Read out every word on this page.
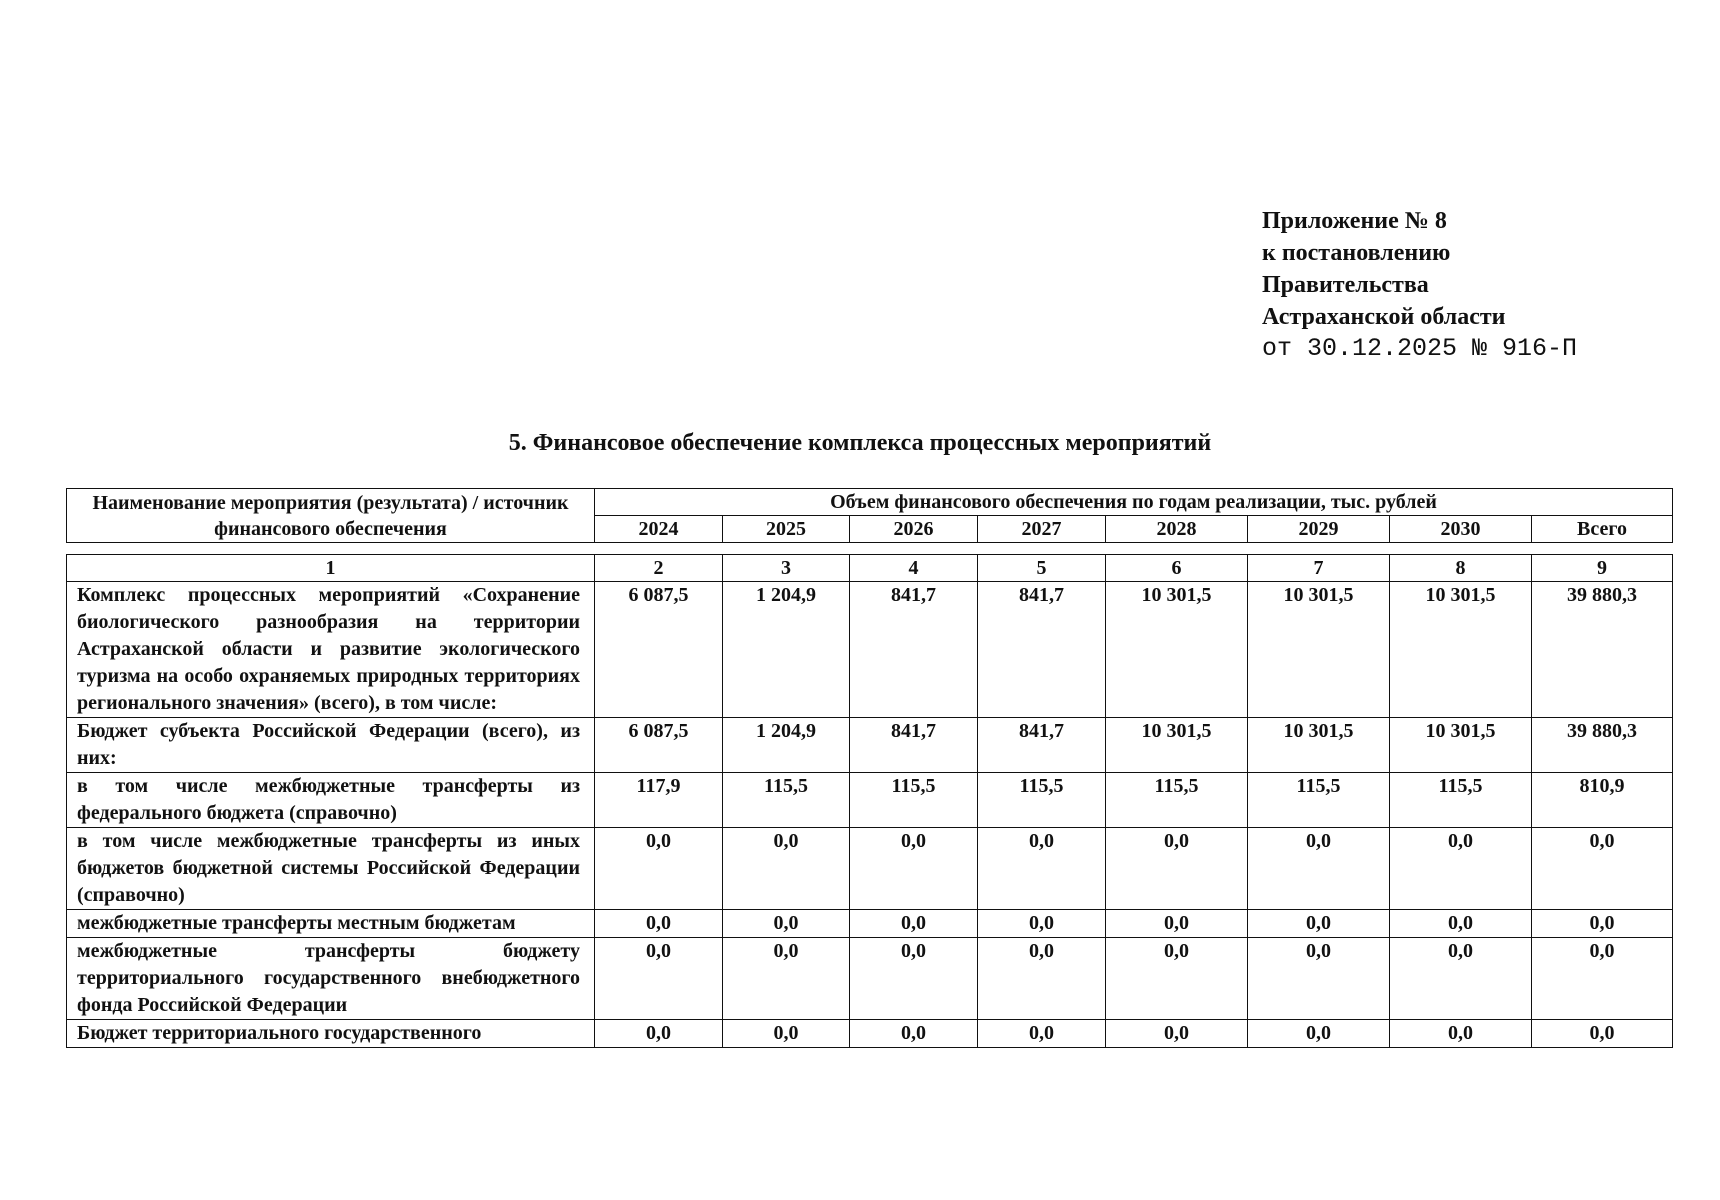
Приложение № 8
к постановлению
Правительства
Астраханской области
от 30.12.2025 № 916-П
5. Финансовое обеспечение комплекса процессных мероприятий
Наименование мероприятия (результата) / источник финансового обеспечения	Объем финансового обеспечения по годам реализации, тыс. рублей							
	2024	2025	2026	2027	2028	2029	2030	Всего
1	2	3	4	5	6	7	8	9
Комплекс процессных мероприятий «Сохранение биологического разнообразия на территории Астраханской области и развитие экологического туризма на особо охраняемых природных территориях регионального значения» (всего), в том числе:	6 087,5	1 204,9	841,7	841,7	10 301,5	10 301,5	10 301,5	39 880,3
Бюджет субъекта Российской Федерации (всего), из них:	6 087,5	1 204,9	841,7	841,7	10 301,5	10 301,5	10 301,5	39 880,3
в том числе межбюджетные трансферты из федерального бюджета (справочно)	117,9	115,5	115,5	115,5	115,5	115,5	115,5	810,9
в том числе межбюджетные трансферты из иных бюджетов бюджетной системы Российской Федерации (справочно)	0,0	0,0	0,0	0,0	0,0	0,0	0,0	0,0
межбюджетные трансферты местным бюджетам	0,0	0,0	0,0	0,0	0,0	0,0	0,0	0,0
межбюджетные трансферты бюджету территориального государственного внебюджетного фонда Российской Федерации	0,0	0,0	0,0	0,0	0,0	0,0	0,0	0,0
Бюджет территориального государственного	0,0	0,0	0,0	0,0	0,0	0,0	0,0	0,0
